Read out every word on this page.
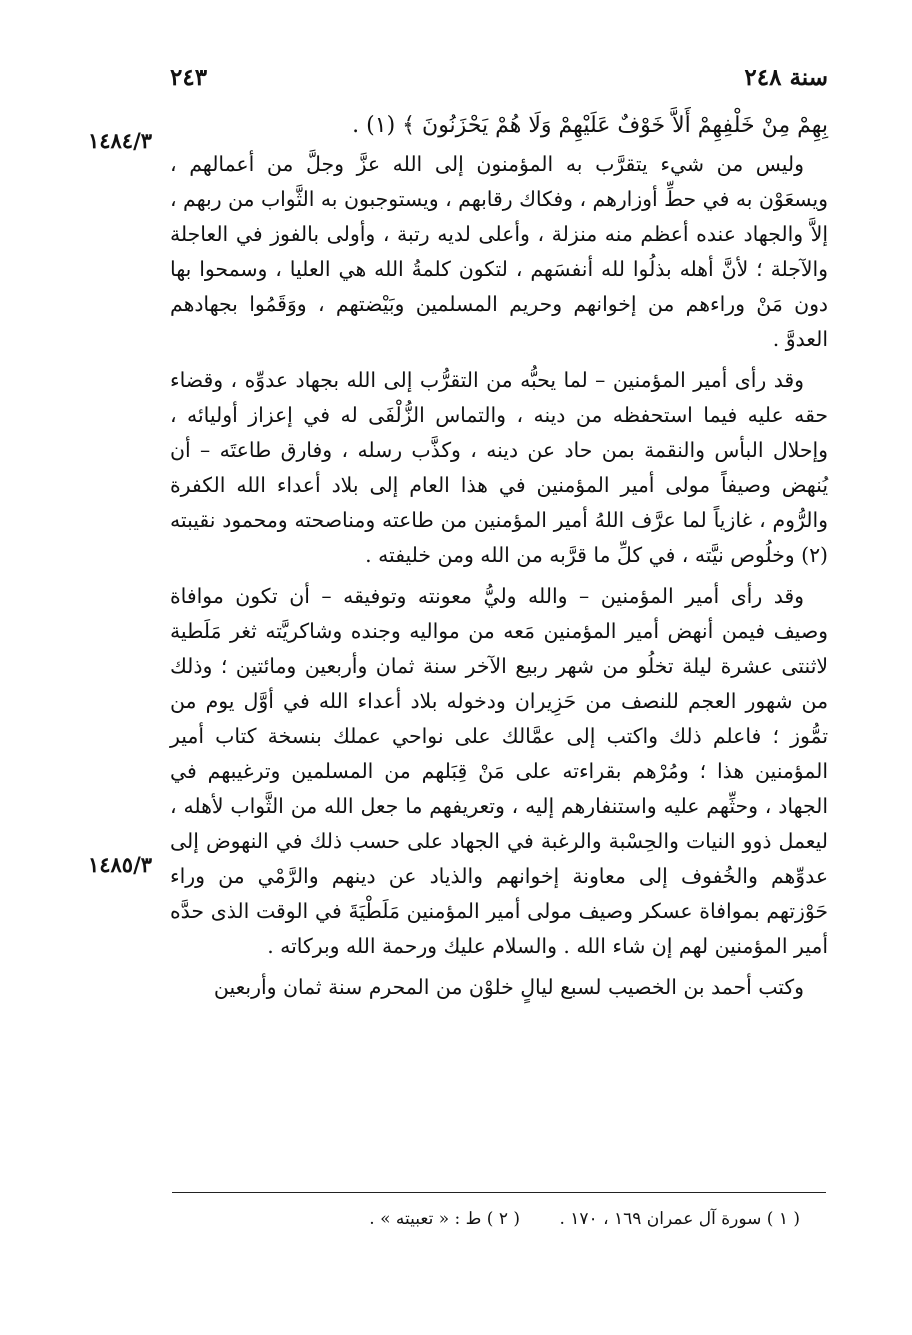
سنة ٢٤٨
٢٤٣
١٤٨٤/٣
١٤٨٥/٣

بِهِمْ مِنْ خَلْفِهِمْ أَلاَّ خَوْفٌ عَلَيْهِمْ وَلَا هُمْ يَحْزَنُونَ ﴾ (١) .

وليس من شيء يتقرَّب به المؤمنون إلى الله عزَّ وجلَّ من أعمالهم ، ويسعَوْن به في حطِّ أوزارهم ، وفكاك رقابهم ، ويستوجبون به الثَّواب من ربهم ، إلاَّ والجهاد عنده أعظم منه منزلة ، وأعلى لديه رتبة ، وأولى بالفوز في العاجلة والآجلة ؛ لأنَّ أهله بذلُوا لله أنفسَهم ، لتكون كلمةُ الله هي العليا ، وسمحوا بها دون مَنْ وراءهم من إخوانهم وحريم المسلمين وبَيْضتهم ، ووَقَمُوا بجهادهم العدوَّ .

وقد رأى أمير المؤمنين – لما يحبُّه من التقرُّب إلى الله بجهاد عدوِّه ، وقضاء حقه عليه فيما استحفظه من دينه ، والتماس الزُّلْفَى له في إعزاز أوليائه ، وإحلال البأس والنقمة بمن حاد عن دينه ، وكذَّب رسله ، وفارق طاعتَه – أن يُنهض وصيفاً مولى أمير المؤمنين في هذا العام إلى بلاد أعداء الله الكفرة والرُّوم ، غازياً لما عرَّف اللهُ أمير المؤمنين من طاعته ومناصحته ومحمود نقيبته (٢) وخلُوص نيَّته ، في كلِّ ما قرَّبه من الله ومن خليفته .

وقد رأى أمير المؤمنين – والله وليُّ معونته وتوفيقه – أن تكون موافاة وصيف فيمن أنهض أمير المؤمنين مَعه من مواليه وجنده وشاكريَّته ثغر مَلَطية لاثنتى عشرة ليلة تخلُو من شهر ربيع الآخر سنة ثمان وأربعين ومائتين ؛ وذلك من شهور العجم للنصف من حَزِيران ودخوله بلاد أعداء الله في أوَّل يوم من تمُّوز ؛ فاعلم ذلك واكتب إلى عمَّالك على نواحي عملك بنسخة كتاب أمير المؤمنين هذا ؛ ومُرْهم بقراءته على مَنْ قِبَلهم من المسلمين وترغيبهم في الجهاد ، وحثِّهم عليه واستنفارهم إليه ، وتعريفهم ما جعل الله من الثَّواب لأهله ، ليعمل ذوو النيات والحِسْبة والرغبة في الجهاد على حسب ذلك في النهوض إلى عدوِّهم والخُفوف إلى معاونة إخوانهم والذياد عن دينهم والرَّمْي من وراء حَوْزتهم بموافاة عسكر وصيف مولى أمير المؤمنين مَلَطْيَةَ في الوقت الذى حدَّه أمير المؤمنين لهم إن شاء الله . والسلام عليك ورحمة الله وبركاته .

وكتب أحمد بن الخصيب لسبع ليالٍ خلوْن من المحرم سنة ثمان وأربعين

( ١ ) سورة آل عمران ١٦٩ ، ١٧٠ . ( ٢ ) ط : « تعبيته » .
